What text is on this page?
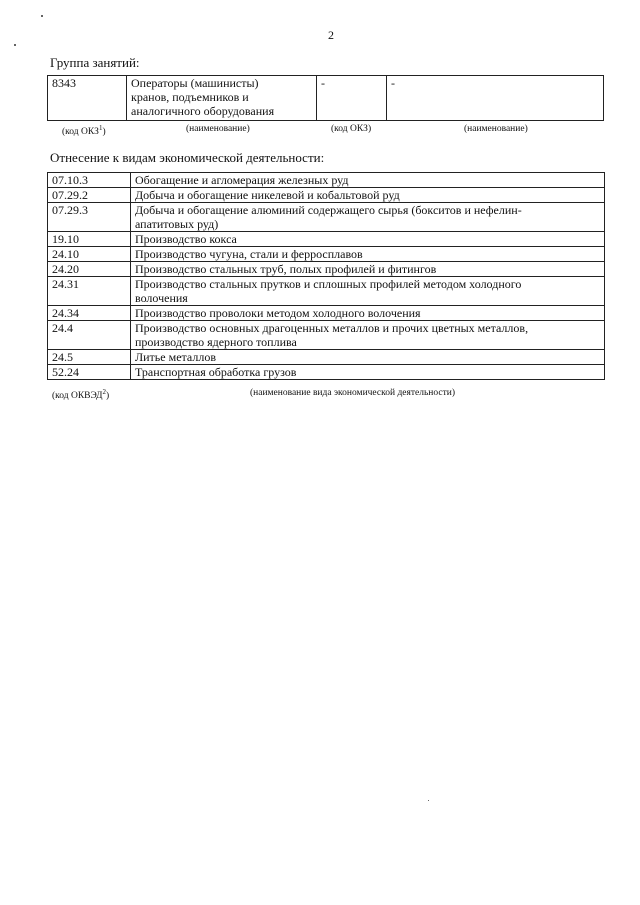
2
Группа занятий:
8343	Операторы (машинисты)
кранов, подъемников и
аналогичного оборудования
	-	-
(код ОКЗ$^1$)	(наименование)	(код ОКЗ)	(наименование)
Отнесение к видам экономической деятельности:
07.10.3	Обогащение и агломерация железных руд

07.29.2	Добыча и обогащение никелевой и кобальтовой руд

07.29.3	Добыча и обогащение алюминий содержащего сырья (бокситов и нефелин-
апатитовых руд)

19.10	Производство кокса

24.10	Производство чугуна, стали и ферросплавов

24.20	Производство стальных труб, полых профилей и фитингов

24.31	Производство стальных прутков и сплошных профилей методом холодного
волочения

24.34	Производство проволоки методом холодного волочения

24.4	Производство основных драгоценных металлов и прочих цветных металлов,
производство ядерного топлива

24.5	Литье металлов

52.24	Транспортная обработка грузов
(код ОКВЭД$^2$)	(наименование вида экономической деятельности)
